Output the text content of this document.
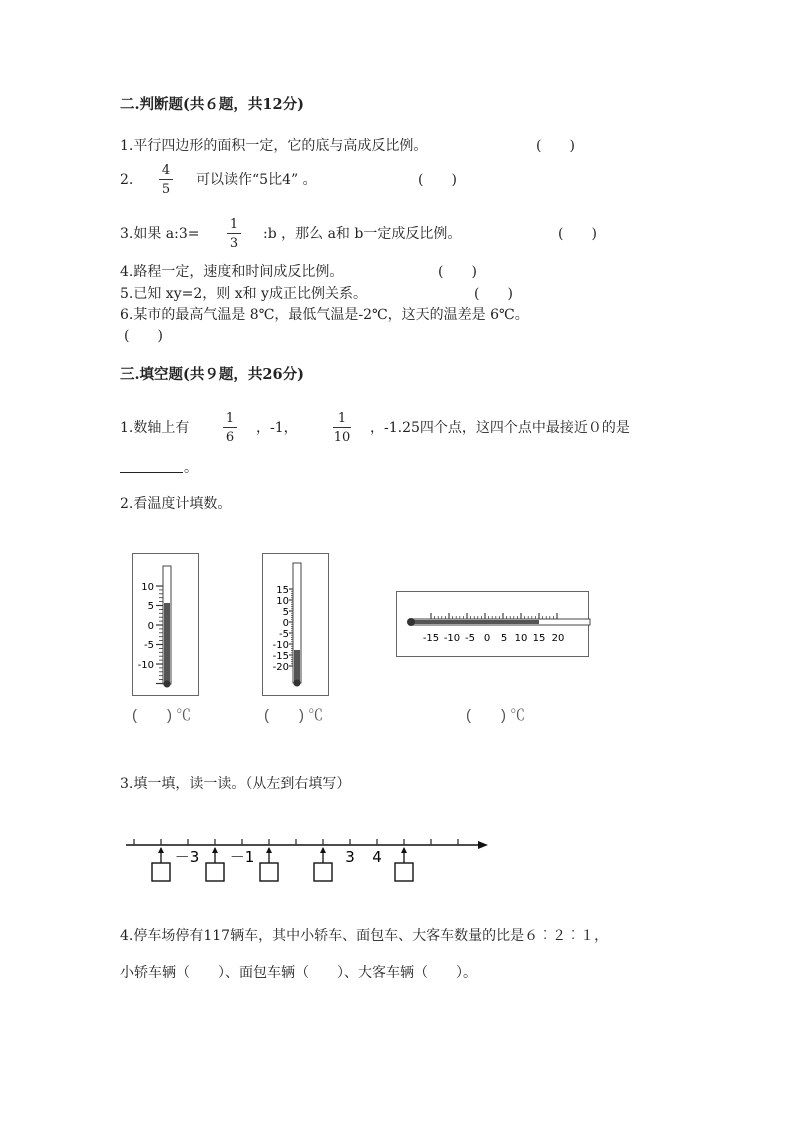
二.判断题(共６题，共12分)
1.平行四边形的面积一定，它的底与高成反比例。	(　　)
2.
4
5
可以读作“5比4” 。	(　　)
3.如果 a:3=
1
3
:b ，那么 a和 b一定成反比例。	(　　)
4.路程一定，速度和时间成反比例。	(　　)
5.已知 xy=2，则 x和 y成正比例关系。	(　　)
6.某市的最高气温是 8℃，最低气温是-2℃，这天的温差是 6℃。
(　　)
三.填空题(共９题，共26分)
1.数轴上有
1
6
，-1，
1
10
，-1.25四个点，这四个点中最接近０的是
。
2.看温度计填数。
10
5
0
-5
-10
(　　) ℃
15
10
5
0
-5
-10
-15
-20
(　　) ℃
-15 -10 -5 0 5 10 15 20
(　　) ℃
3.填一填，读一读。（从左到右填写）
－3 －1	3 4
4.停车场停有117辆车，其中小轿车、面包车、大客车数量的比是６︰２︰１，
小轿车辆（　　）、面包车辆（　　）、大客车辆（　　）。
